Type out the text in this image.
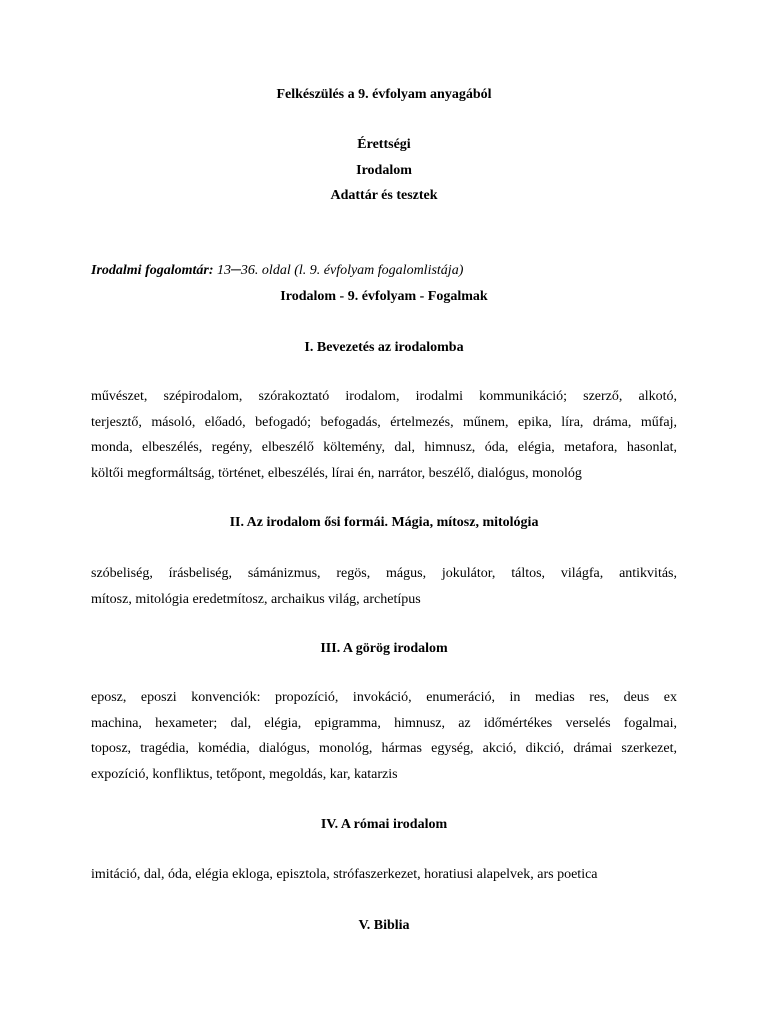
Felkészülés a 9. évfolyam anyagából
Érettségi
Irodalom
Adattár és tesztek
Irodalmi fogalomtár: 13─36. oldal (l. 9. évfolyam fogalomlistája)
Irodalom - 9. évfolyam - Fogalmak
I. Bevezetés az irodalomba
művészet, szépirodalom, szórakoztató irodalom, irodalmi kommunikáció; szerző, alkotó,
terjesztő, másoló, előadó, befogadó; befogadás, értelmezés, műnem, epika, líra, dráma, műfaj,
monda, elbeszélés, regény, elbeszélő költemény, dal, himnusz, óda, elégia, metafora, hasonlat,
költői megformáltság, történet, elbeszélés, lírai én, narrátor, beszélő, dialógus, monológ
II. Az irodalom ősi formái. Mágia, mítosz, mitológia
szóbeliség, írásbeliség, sámánizmus, regös, mágus, jokulátor, táltos, világfa, antikvitás,
mítosz, mitológia eredetmítosz, archaikus világ, archetípus
III. A görög irodalom
eposz, eposzi konvenciók: propozíció, invokáció, enumeráció, in medias res, deus ex
machina, hexameter; dal, elégia, epigramma, himnusz, az időmértékes verselés fogalmai,
toposz, tragédia, komédia, dialógus, monológ, hármas egység, akció, dikció, drámai szerkezet,
expozíció, konfliktus, tetőpont, megoldás, kar, katarzis
IV. A római irodalom
imitáció, dal, óda, elégia ekloga, episztola, strófaszerkezet, horatiusi alapelvek, ars poetica
V. Biblia
